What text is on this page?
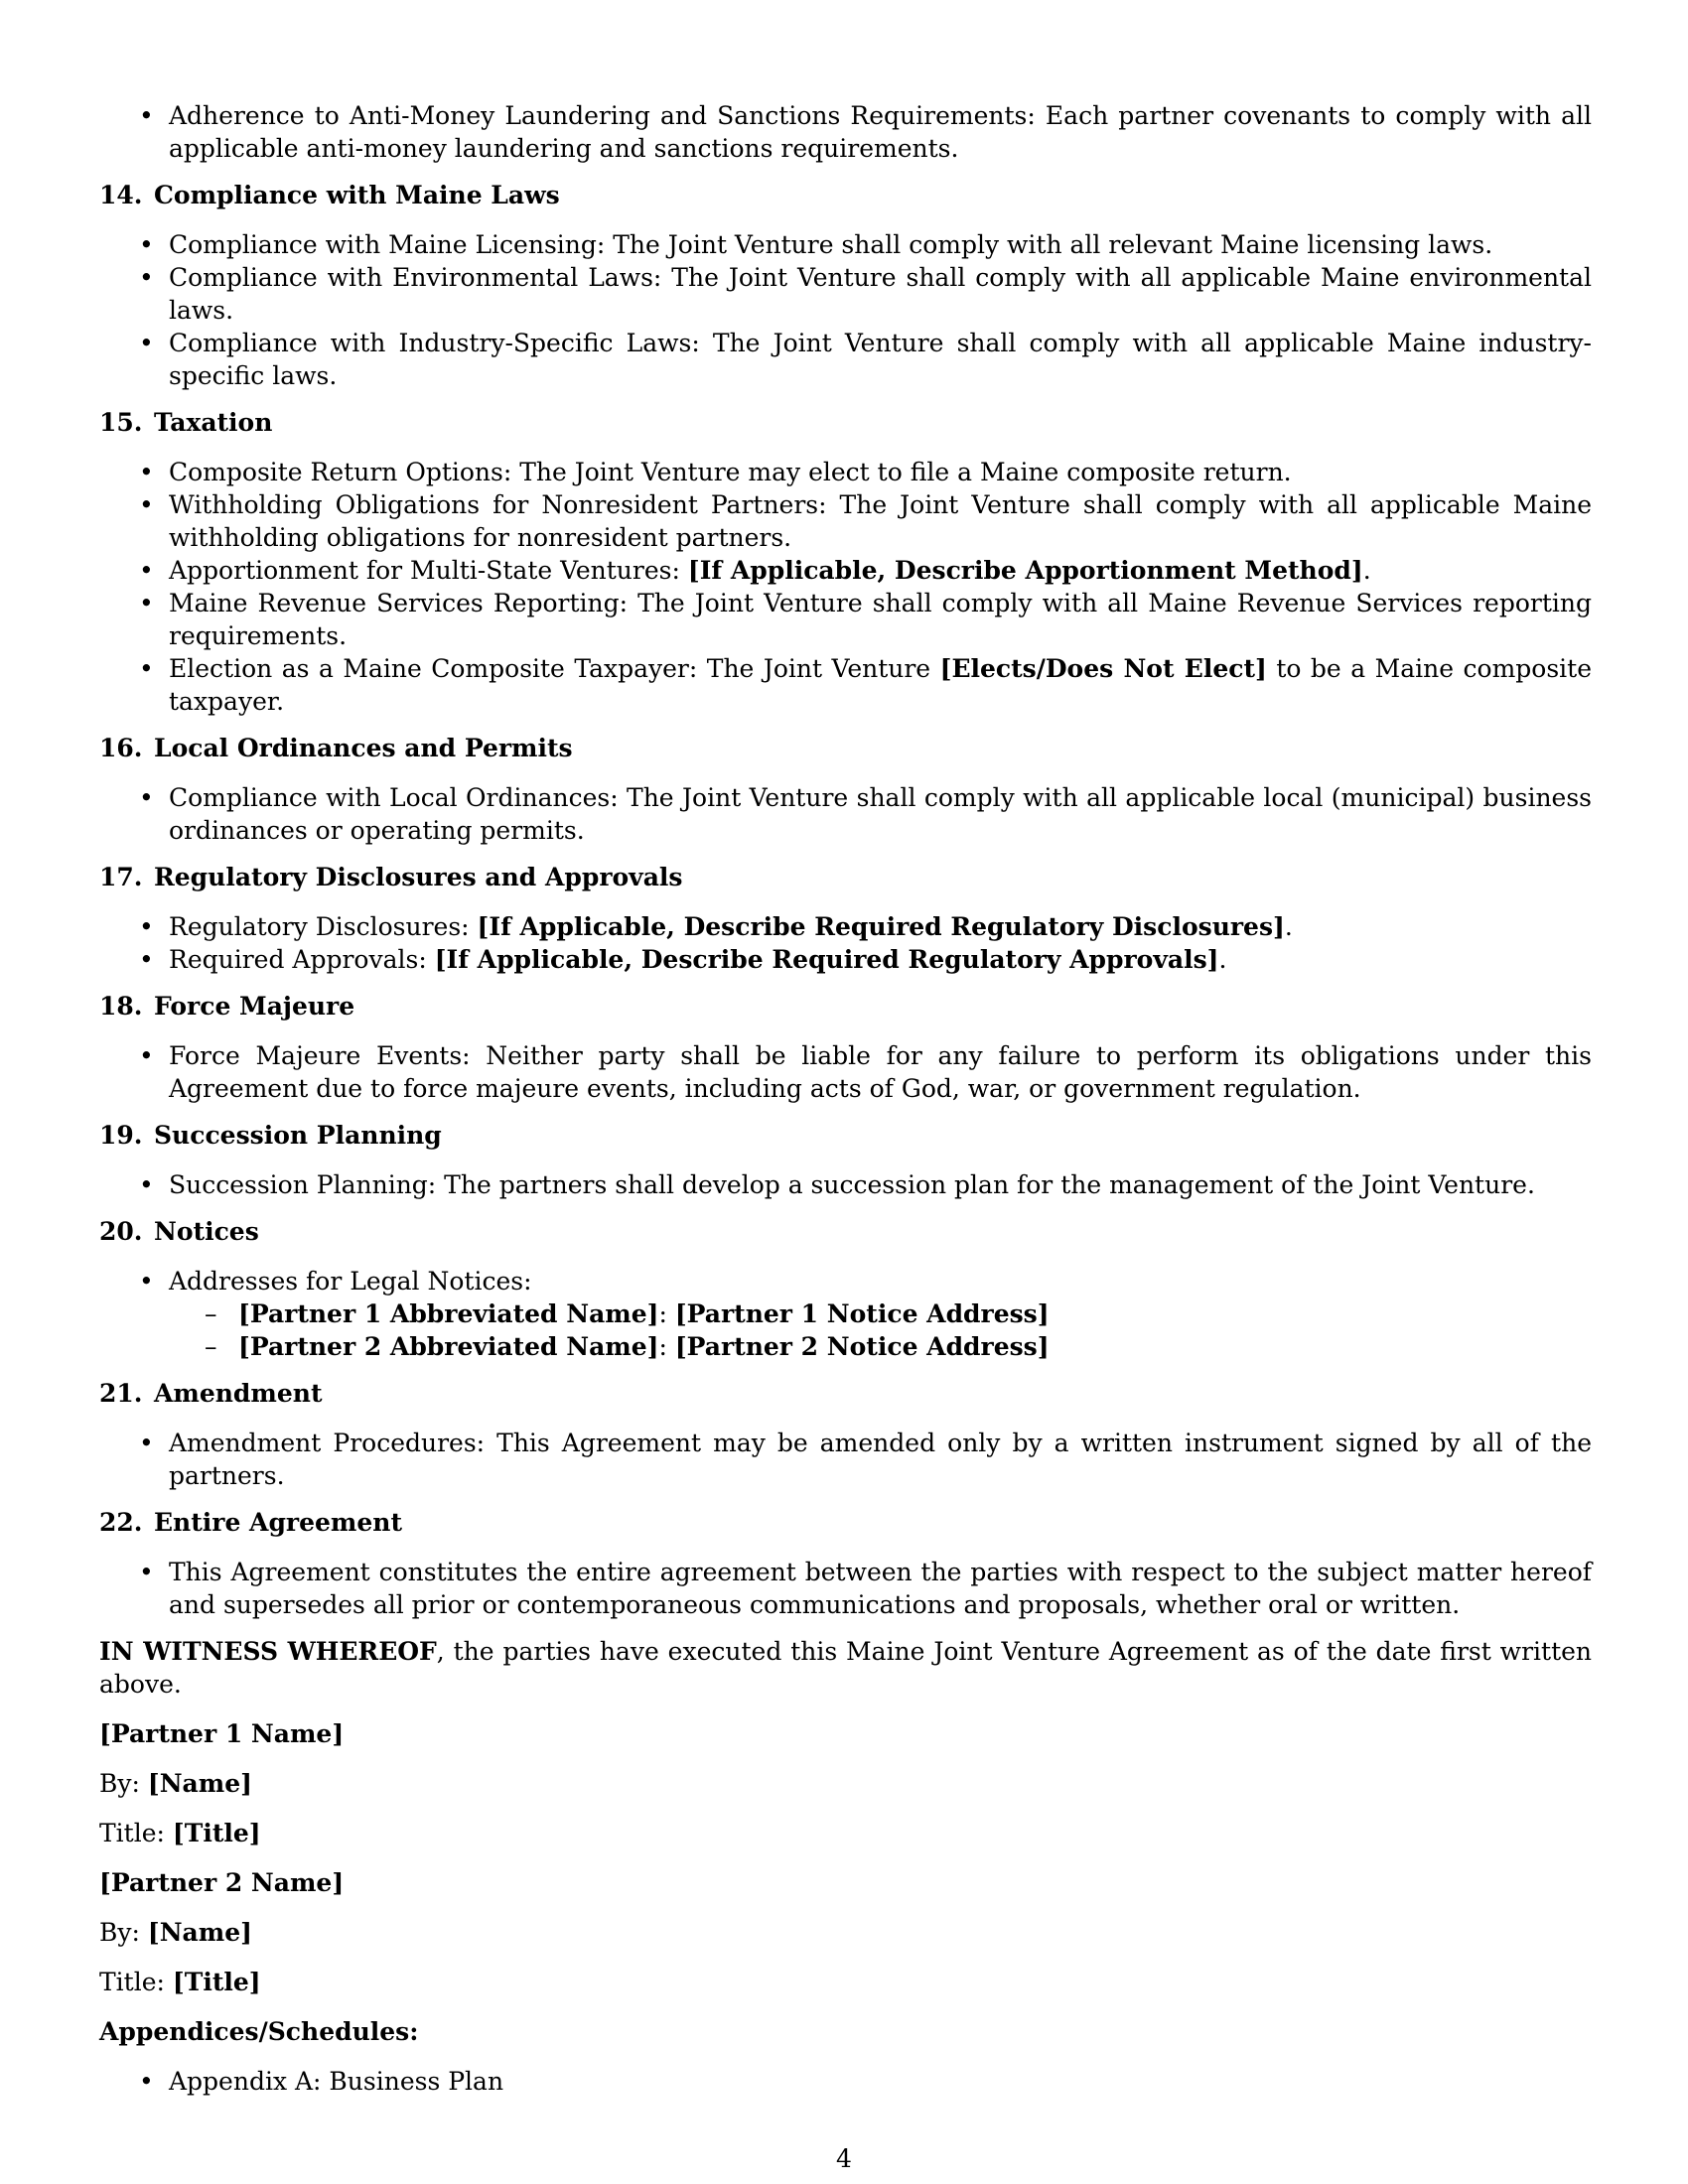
• Adherence to Anti-Money Laundering and Sanctions Requirements: Each partner covenants to comply with all applicable anti-money laundering and sanctions requirements.
14. Compliance with Maine Laws
• Compliance with Maine Licensing: The Joint Venture shall comply with all relevant Maine licensing laws.
• Compliance with Environmental Laws: The Joint Venture shall comply with all applicable Maine environmental laws.
• Compliance with Industry-Specific Laws: The Joint Venture shall comply with all applicable Maine industry-specific laws.
15. Taxation
• Composite Return Options: The Joint Venture may elect to file a Maine composite return.
• Withholding Obligations for Nonresident Partners: The Joint Venture shall comply with all applicable Maine withholding obligations for nonresident partners.
• Apportionment for Multi-State Ventures: [If Applicable, Describe Apportionment Method].
• Maine Revenue Services Reporting: The Joint Venture shall comply with all Maine Revenue Services reporting requirements.
• Election as a Maine Composite Taxpayer: The Joint Venture [Elects/Does Not Elect] to be a Maine composite taxpayer.
16. Local Ordinances and Permits
• Compliance with Local Ordinances: The Joint Venture shall comply with all applicable local (municipal) business ordinances or operating permits.
17. Regulatory Disclosures and Approvals
• Regulatory Disclosures: [If Applicable, Describe Required Regulatory Disclosures].
• Required Approvals: [If Applicable, Describe Required Regulatory Approvals].
18. Force Majeure
• Force Majeure Events: Neither party shall be liable for any failure to perform its obligations under this Agreement due to force majeure events, including acts of God, war, or government regulation.
19. Succession Planning
• Succession Planning: The partners shall develop a succession plan for the management of the Joint Venture.
20. Notices
• Addresses for Legal Notices:
– [Partner 1 Abbreviated Name]: [Partner 1 Notice Address]
– [Partner 2 Abbreviated Name]: [Partner 2 Notice Address]
21. Amendment
• Amendment Procedures: This Agreement may be amended only by a written instrument signed by all of the partners.
22. Entire Agreement
• This Agreement constitutes the entire agreement between the parties with respect to the subject matter hereof and supersedes all prior or contemporaneous communications and proposals, whether oral or written.

IN WITNESS WHEREOF, the parties have executed this Maine Joint Venture Agreement as of the date first written above.

[Partner 1 Name]

By: [Name]

Title: [Title]

[Partner 2 Name]

By: [Name]

Title: [Title]

Appendices/Schedules:

• Appendix A: Business Plan
4
